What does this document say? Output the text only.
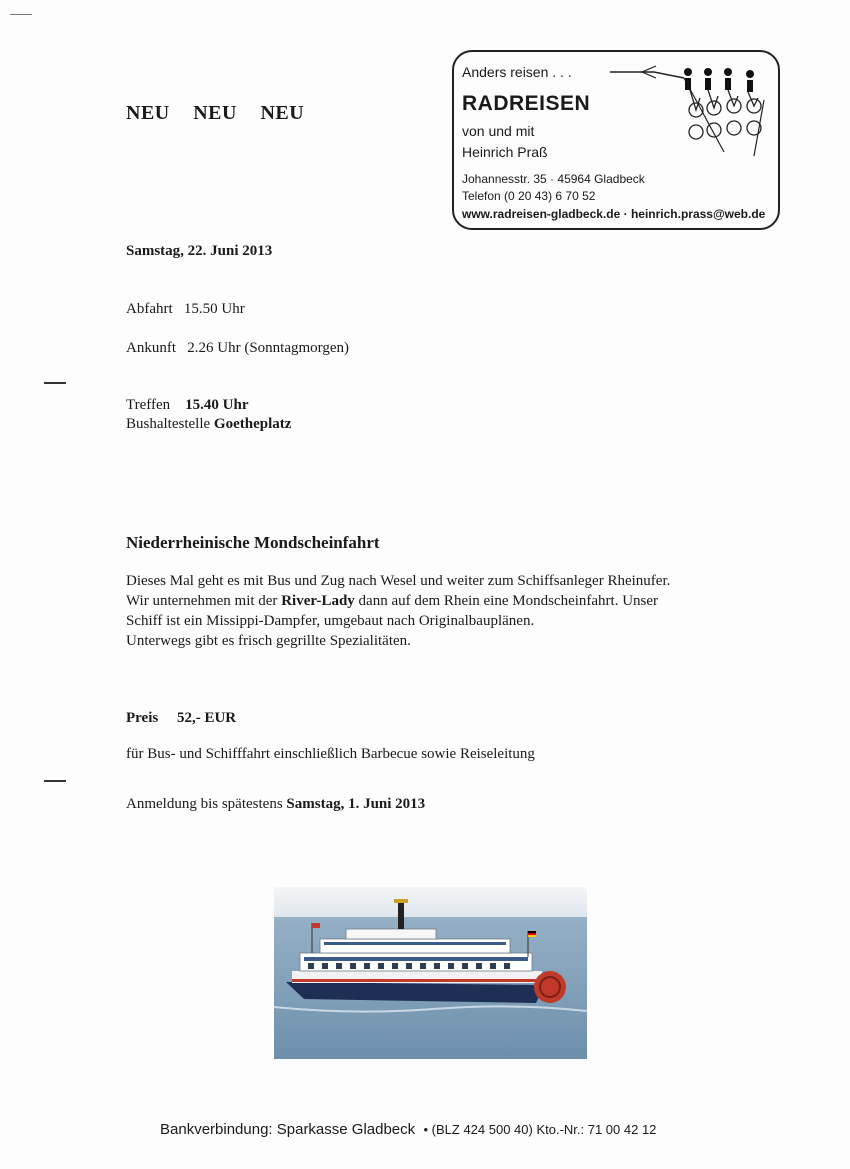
NEU NEU NEU
Anders reisen . . .
RADREISEN
von und mit
Heinrich Praß
Johannesstr. 35 · 45964 Gladbeck
Telefon (0 20 43) 6 70 52
www.radreisen-gladbeck.de · heinrich.prass@web.de
Samstag, 22. Juni 2013
Abfahrt 15.50 Uhr
Ankunft 2.26 Uhr (Sonntagmorgen)
Treffen 15.40 Uhr
Bushaltestelle Goetheplatz
Niederrheinische Mondscheinfahrt
Dieses Mal geht es mit Bus und Zug nach Wesel und weiter zum Schiffsanleger Rheinufer.
Wir unternehmen mit der River-Lady dann auf dem Rhein eine Mondscheinfahrt. Unser
Schiff ist ein Missippi-Dampfer, umgebaut nach Originalbauplänen.
Unterwegs gibt es frisch gegrillte Spezialitäten.
Preis 52,- EUR
für Bus- und Schifffahrt einschließlich Barbecue sowie Reiseleitung
Anmeldung bis spätestens Samstag, 1. Juni 2013
Bankverbindung: Sparkasse Gladbeck • (BLZ 424 500 40) Kto.-Nr.: 71 00 42 12
